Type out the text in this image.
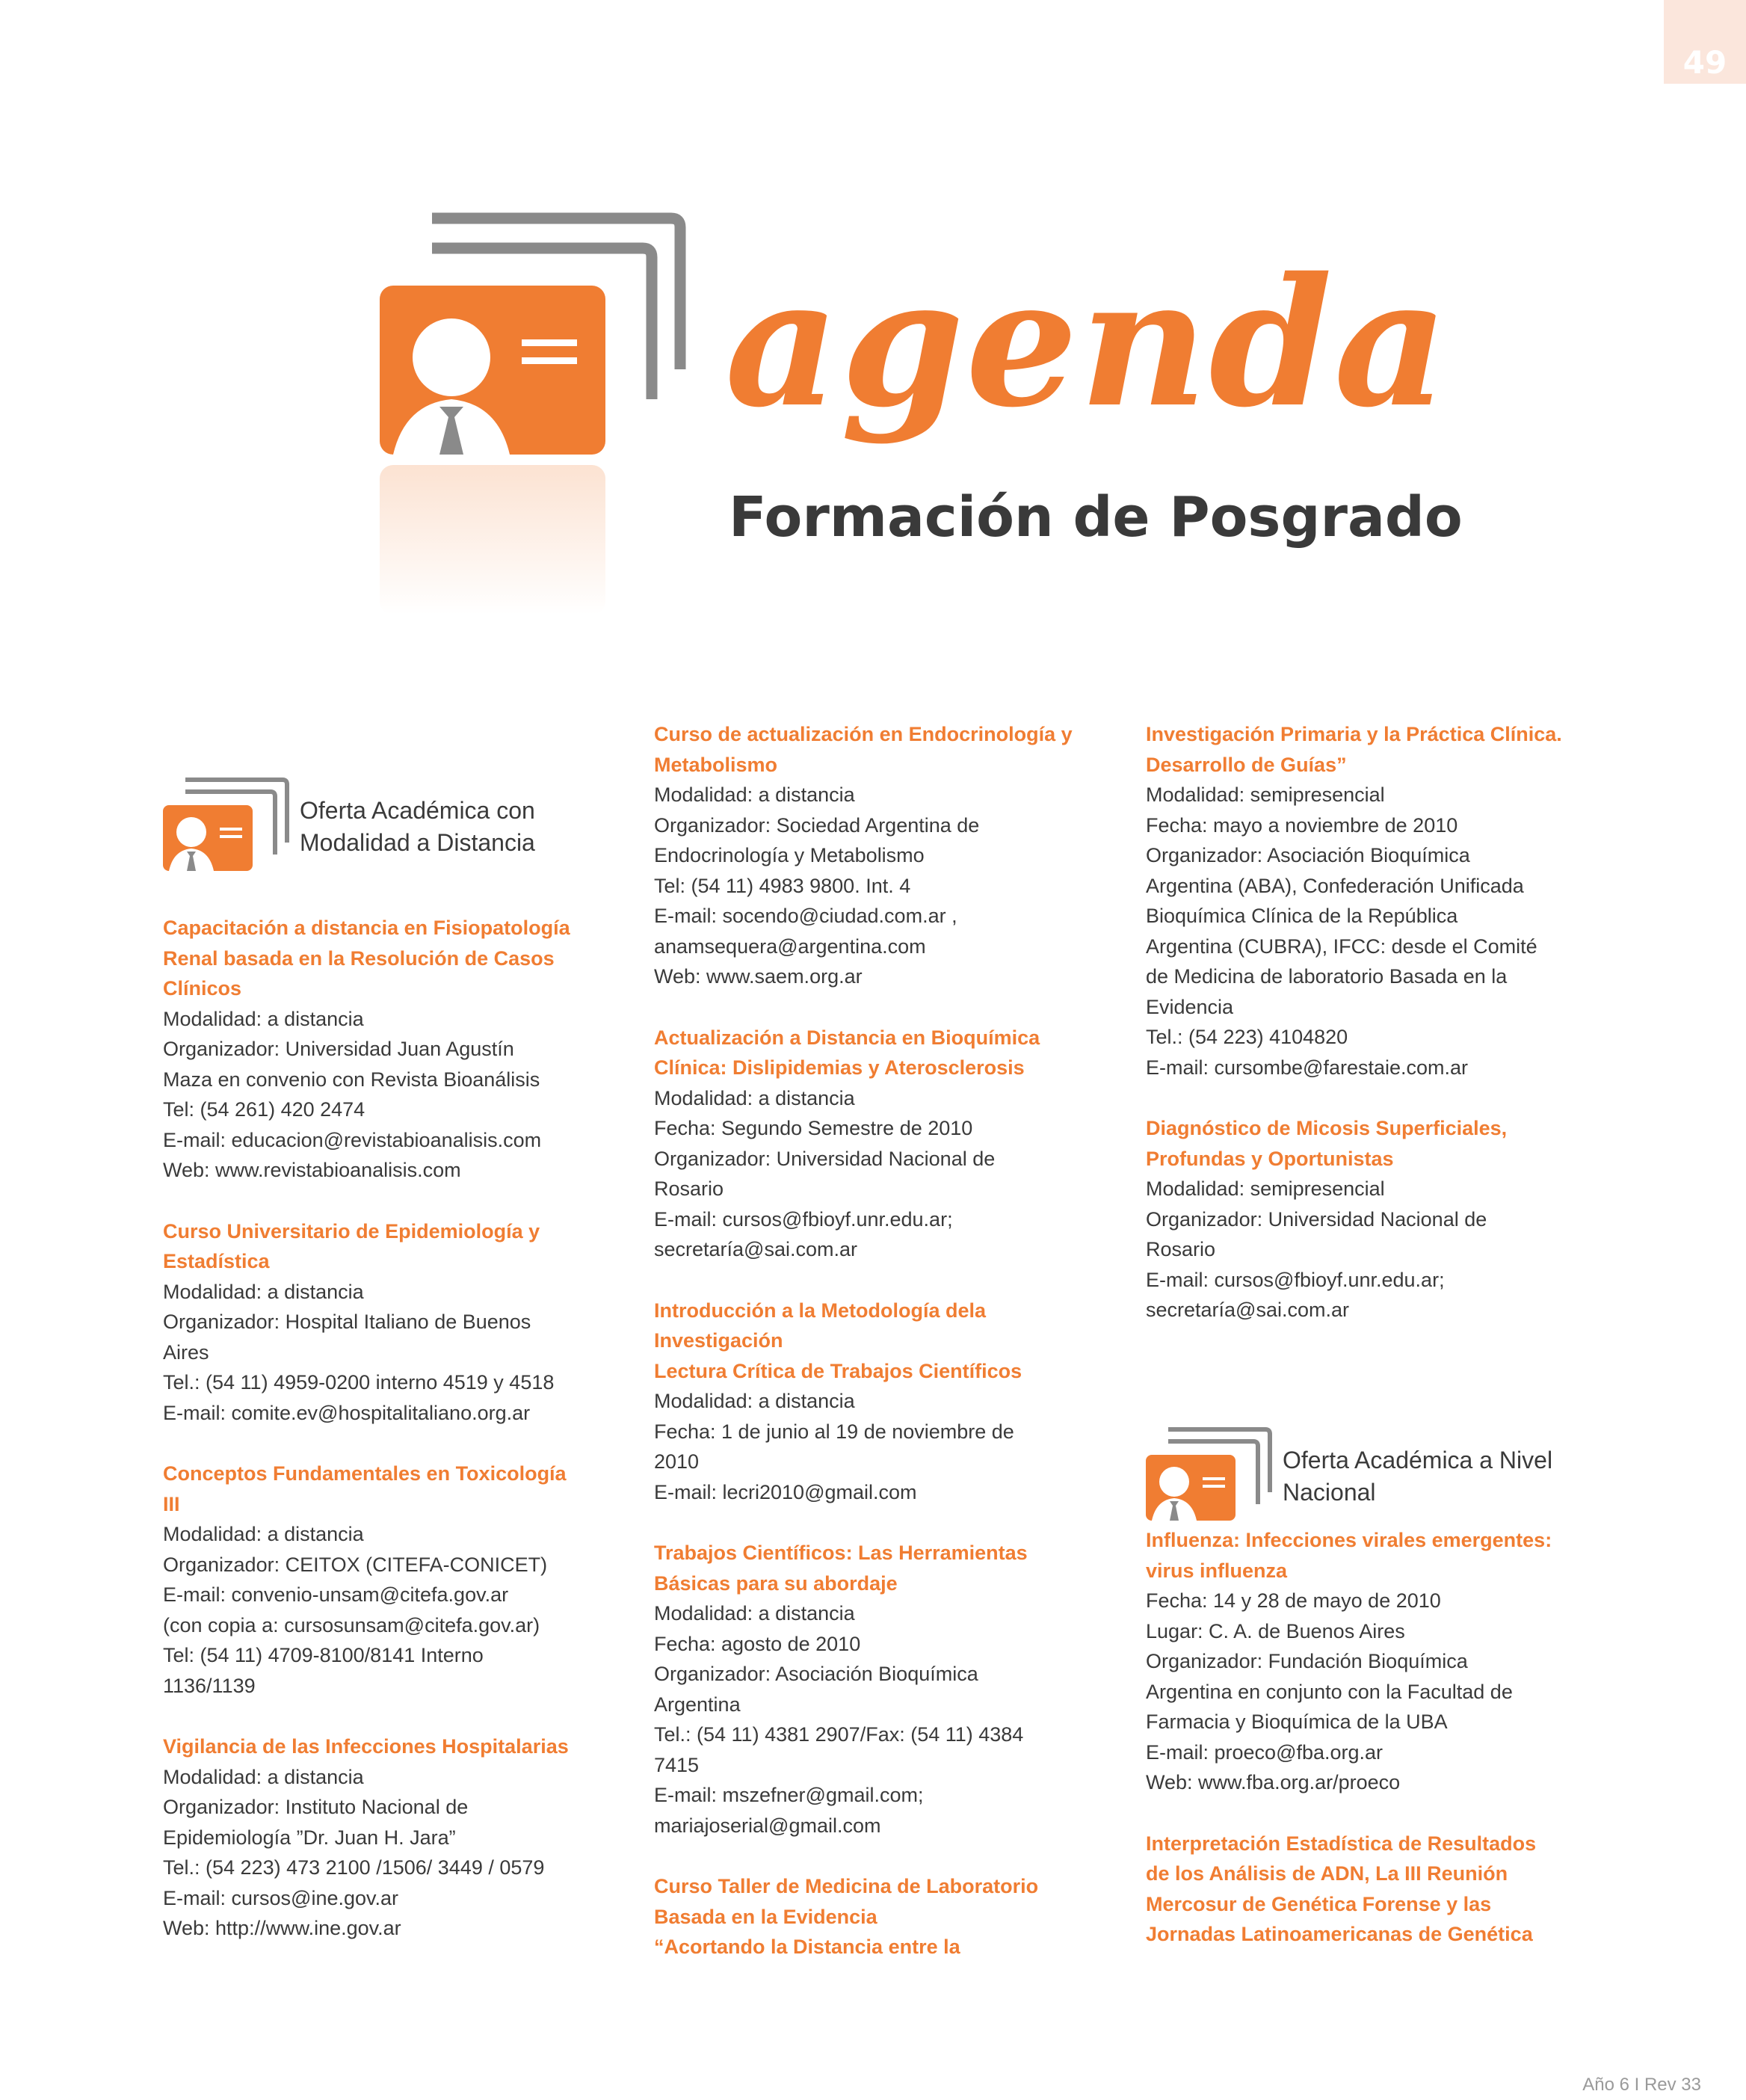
49
agenda
Formación de Posgrado
Oferta Académica con Modalidad a Distancia

Capacitación a distancia en Fisiopatología
Renal basada en la Resolución de Casos
Clínicos

Modalidad: a distancia

Organizador: Universidad Juan Agustín

Maza en convenio con Revista Bioanálisis

Tel: (54 261) 420 2474

E-mail: educacion@revistabioanalisis.com

Web: www.revistabioanalisis.com

Curso Universitario de Epidemiología y
Estadística

Modalidad: a distancia

Organizador: Hospital Italiano de Buenos

Aires

Tel.: (54 11) 4959-0200 interno 4519 y 4518

E-mail: comite.ev@hospitalitaliano.org.ar

Conceptos Fundamentales en Toxicología
III

Modalidad: a distancia

Organizador: CEITOX (CITEFA-CONICET)

E-mail: convenio-unsam@citefa.gov.ar

(con copia a: cursosunsam@citefa.gov.ar)

Tel: (54 11) 4709-8100/8141 Interno

1136/1139

Vigilancia de las Infecciones Hospitalarias

Modalidad: a distancia

Organizador: Instituto Nacional de

Epidemiología ”Dr. Juan H. Jara”

Tel.: (54 223) 473 2100 /1506/ 3449 / 0579

E-mail: cursos@ine.gov.ar

Web: http://www.ine.gov.ar

Curso de actualización en Endocrinología y
Metabolismo

Modalidad: a distancia

Organizador: Sociedad Argentina de

Endocrinología y Metabolismo

Tel: (54 11) 4983 9800. Int. 4

E-mail: socendo@ciudad.com.ar ,

anamsequera@argentina.com

Web: www.saem.org.ar

Actualización a Distancia en Bioquímica
Clínica: Dislipidemias y Aterosclerosis

Modalidad: a distancia

Fecha: Segundo Semestre de 2010

Organizador: Universidad Nacional de

Rosario

E-mail: cursos@fbioyf.unr.edu.ar;

secretaría@sai.com.ar

Introducción a la Metodología dela
Investigación
Lectura Crítica de Trabajos Científicos

Modalidad: a distancia

Fecha: 1 de junio al 19 de noviembre de

2010

E-mail: lecri2010@gmail.com

Trabajos Científicos: Las Herramientas
Básicas para su abordaje

Modalidad: a distancia

Fecha: agosto de 2010

Organizador: Asociación Bioquímica

Argentina

Tel.: (54 11) 4381 2907/Fax: (54 11) 4384

7415

E-mail: mszefner@gmail.com;

mariajoserial@gmail.com

Curso Taller de Medicina de Laboratorio
Basada en la Evidencia
“Acortando la Distancia entre la

Investigación Primaria y la Práctica Clínica.
Desarrollo de Guías”

Modalidad: semipresencial

Fecha: mayo a noviembre de 2010

Organizador: Asociación Bioquímica

Argentina (ABA), Confederación Unificada

Bioquímica Clínica de la República

Argentina (CUBRA), IFCC: desde el Comité

de Medicina de laboratorio Basada en la

Evidencia

Tel.: (54 223) 4104820

E-mail: cursombe@farestaie.com.ar

Diagnóstico de Micosis Superficiales,
Profundas y Oportunistas

Modalidad: semipresencial

Organizador: Universidad Nacional de

Rosario

E-mail: cursos@fbioyf.unr.edu.ar;

secretaría@sai.com.ar

Oferta Académica a Nivel Nacional

Influenza: Infecciones virales emergentes:
virus influenza

Fecha: 14 y 28 de mayo de 2010

Lugar: C. A. de Buenos Aires

Organizador: Fundación Bioquímica

Argentina en conjunto con la Facultad de

Farmacia y Bioquímica de la UBA

E-mail: proeco@fba.org.ar

Web: www.fba.org.ar/proeco

Interpretación Estadística de Resultados
de los Análisis de ADN, La III Reunión
Mercosur de Genética Forense y las
Jornadas Latinoamericanas de Genética

Año 6 I Rev 33
